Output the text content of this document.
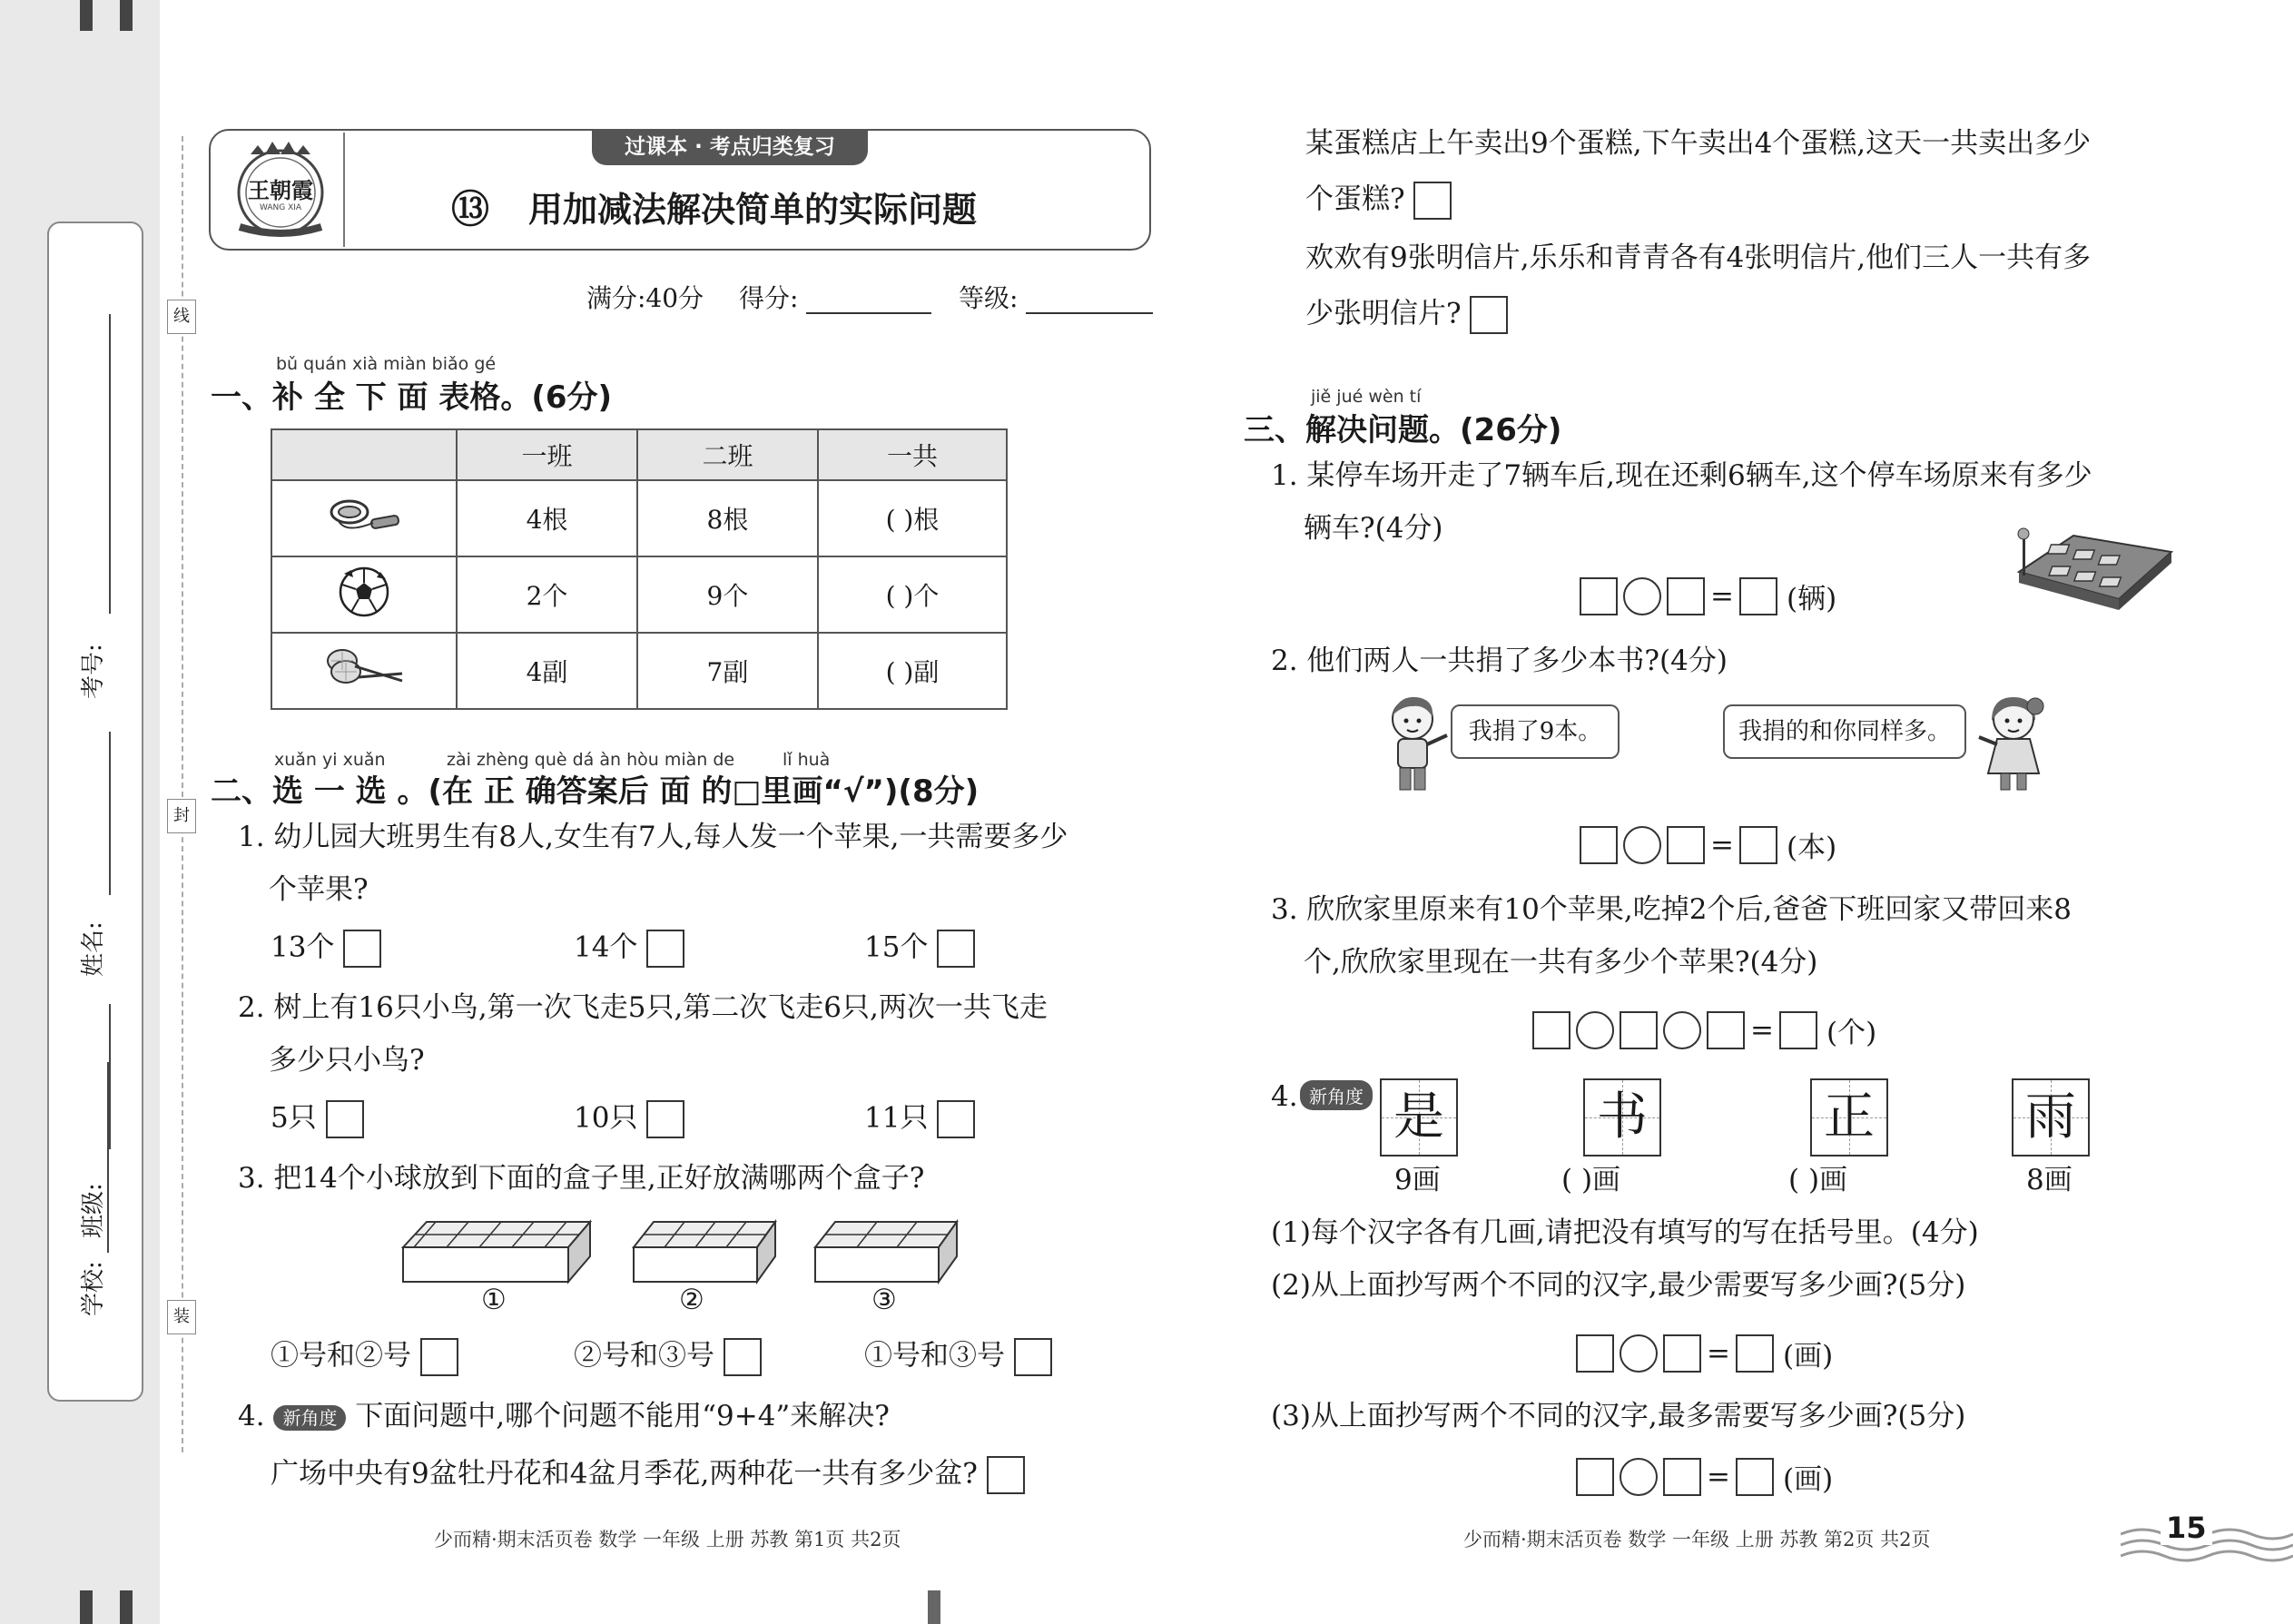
考号:
姓名:
班级:
学校:
线
封
装
王朝霞
WANG XIA
过课本 · 考点归类复习
⑬ 用加减法解决简单的实际问题
满分:40分 得分:	等级:
bǔ quán xià miàn biǎo gé
一、补 全 下 面 表格。(6分)
	一班	二班	一共
	4根	8根	( )根
	2个	9个	( )个
	4副	7副	( )副
xuǎn yi xuǎn	zài zhèng què dá àn hòu miàn de	lǐ huà
二、选 一 选 。(在 正 确答案后 面 的□里画“√”)(8分)
1. 幼儿园大班男生有8人,女生有7人,每人发一个苹果,一共需要多少
个苹果?
13个	14个	15个
2. 树上有16只小鸟,第一次飞走5只,第二次飞走6只,两次一共飞走
多少只小鸟?
5只	10只	11只
3. 把14个小球放到下面的盒子里,正好放满哪两个盒子?
①	②	③
①号和②号	②号和③号	①号和③号
4. 新角度 下面问题中,哪个问题不能用“9+4”来解决?
广场中央有9盆牡丹花和4盆月季花,两种花一共有多少盆?
少而精·期末活页卷 数学 一年级 上册 苏教 第1页 共2页
某蛋糕店上午卖出9个蛋糕,下午卖出4个蛋糕,这天一共卖出多少
个蛋糕?
欢欢有9张明信片,乐乐和青青各有4张明信片,他们三人一共有多
少张明信片?
jiě jué wèn tí
三、解决问题。(26分)
1. 某停车场开走了7辆车后,现在还剩6辆车,这个停车场原来有多少
辆车?(4分)
= (辆)
2. 他们两人一共捐了多少本书?(4分)
我捐了9本。	我捐的和你同样多。
= (本)
3. 欣欣家里原来有10个苹果,吃掉2个后,爸爸下班回家又带回来8
个,欣欣家里现在一共有多少个苹果?(4分)
= (个)
4. 新角度 是	书	正	雨
9画	( )画	( )画	8画
(1)每个汉字各有几画,请把没有填写的写在括号里。(4分)
(2)从上面抄写两个不同的汉字,最少需要写多少画?(5分)
= (画)
(3)从上面抄写两个不同的汉字,最多需要写多少画?(5分)
= (画)
少而精·期末活页卷 数学 一年级 上册 苏教 第2页 共2页	15
